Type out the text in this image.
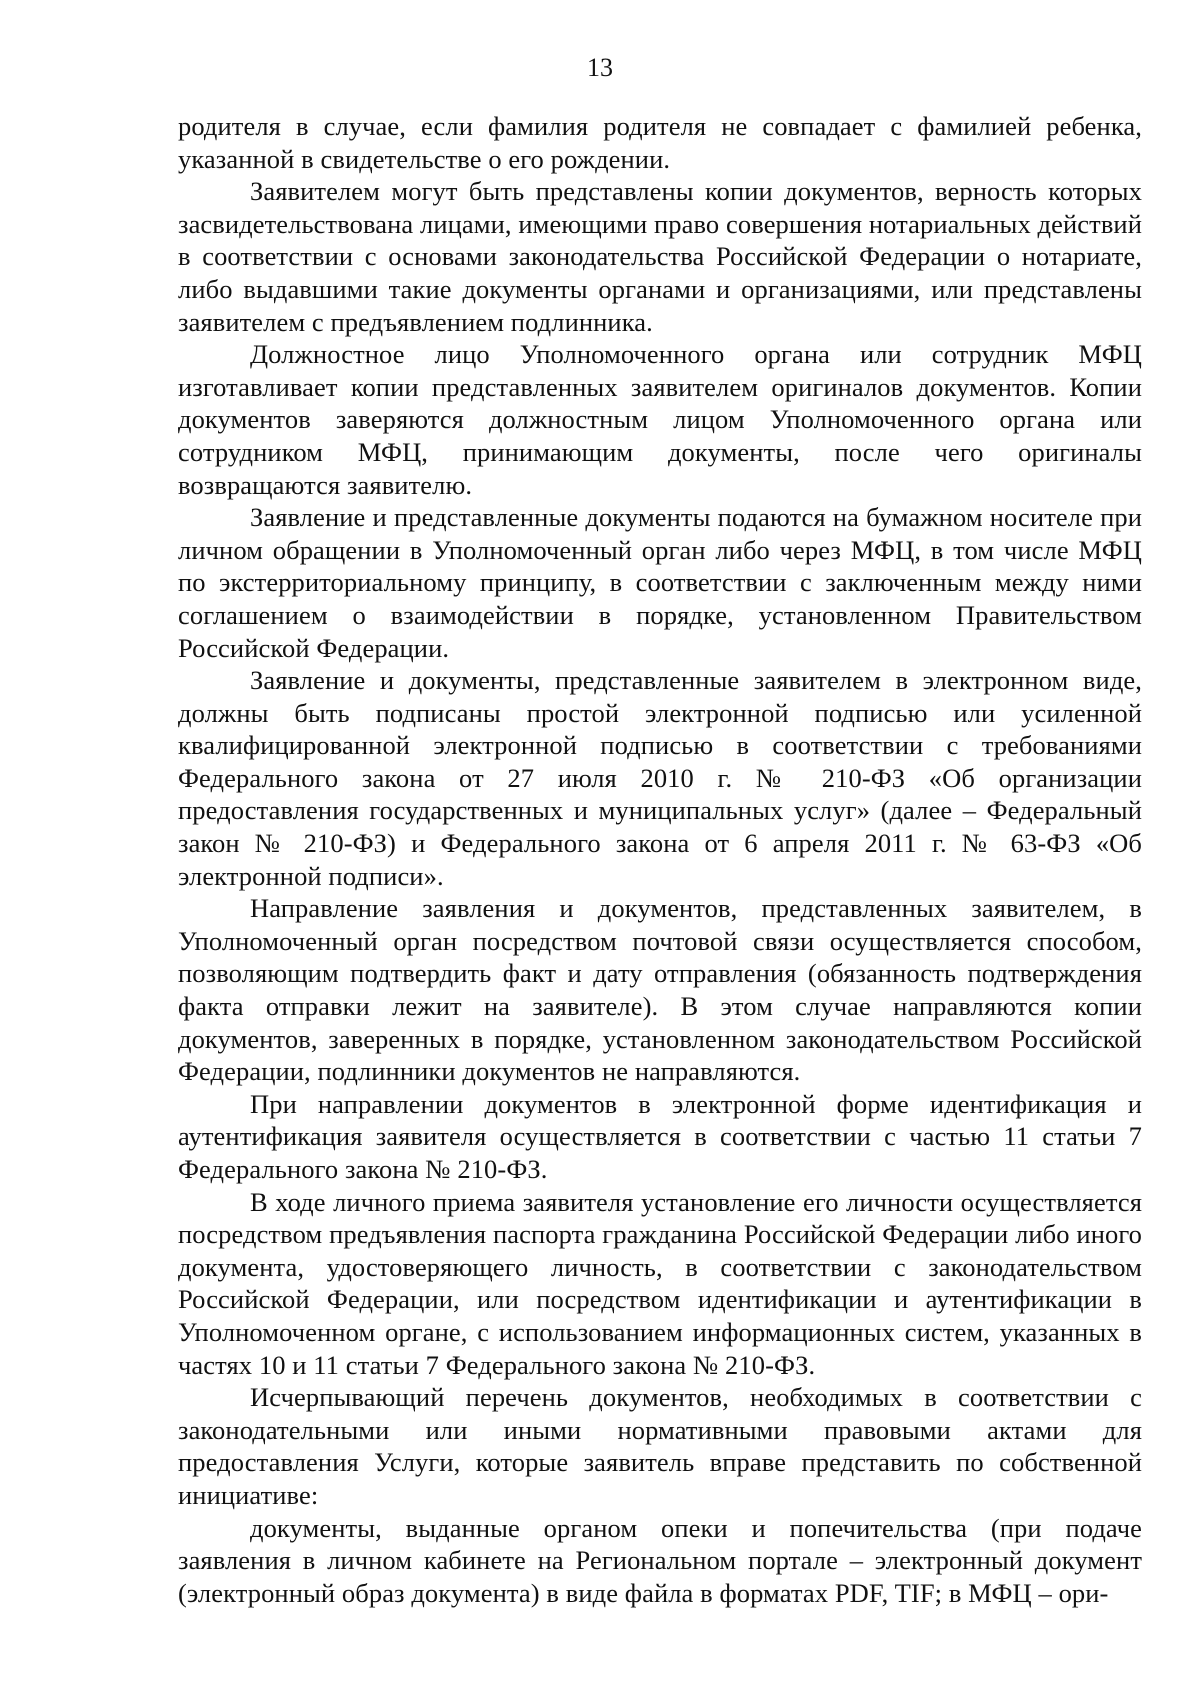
13

родителя в случае, если фамилия родителя не совпадает с фамилией ребенка, указанной в свидетельстве о его рождении.

Заявителем могут быть представлены копии документов, верность которых засвидетельствована лицами, имеющими право совершения нотариальных действий в соответствии с основами законодательства Российской Федерации о нотариате, либо выдавшими такие документы органами и организациями, или представлены заявителем с предъявлением подлинника.

Должностное лицо Уполномоченного органа или сотрудник МФЦ изготавливает копии представленных заявителем оригиналов документов. Копии документов заверяются должностным лицом Уполномоченного органа или сотрудником МФЦ, принимающим документы, после чего оригиналы возвращаются заявителю.

Заявление и представленные документы подаются на бумажном носителе при личном обращении в Уполномоченный орган либо через МФЦ, в том числе МФЦ по экстерриториальному принципу, в соответствии с заключенным между ними соглашением о взаимодействии в порядке, установленном Правительством Российской Федерации.

Заявление и документы, представленные заявителем в электронном виде, должны быть подписаны простой электронной подписью или усиленной квалифицированной электронной подписью в соответствии с требованиями Федерального закона от 27 июля 2010 г. № 210-ФЗ «Об организации предоставления государственных и муниципальных услуг» (далее – Федеральный закон № 210-ФЗ) и Федерального закона от 6 апреля 2011 г. № 63-ФЗ «Об электронной подписи».

Направление заявления и документов, представленных заявителем, в Уполномоченный орган посредством почтовой связи осуществляется способом, позволяющим подтвердить факт и дату отправления (обязанность подтверждения факта отправки лежит на заявителе). В этом случае направляются копии документов, заверенных в порядке, установленном законодательством Российской Федерации, подлинники документов не направляются.

При направлении документов в электронной форме идентификация и аутентификация заявителя осуществляется в соответствии с частью 11 статьи 7 Федерального закона № 210-ФЗ.

В ходе личного приема заявителя установление его личности осуществляется посредством предъявления паспорта гражданина Российской Федерации либо иного документа, удостоверяющего личность, в соответствии с законодательством Российской Федерации, или посредством идентификации и аутентификации в Уполномоченном органе, с использованием информационных систем, указанных в частях 10 и 11 статьи 7 Федерального закона № 210-ФЗ.

Исчерпывающий перечень документов, необходимых в соответствии с законодательными или иными нормативными правовыми актами для предоставления Услуги, которые заявитель вправе представить по собственной инициативе:

документы, выданные органом опеки и попечительства (при подаче заявления в личном кабинете на Региональном портале – электронный документ (электронный образ документа) в виде файла в форматах PDF, TIF; в МФЦ – ори-
